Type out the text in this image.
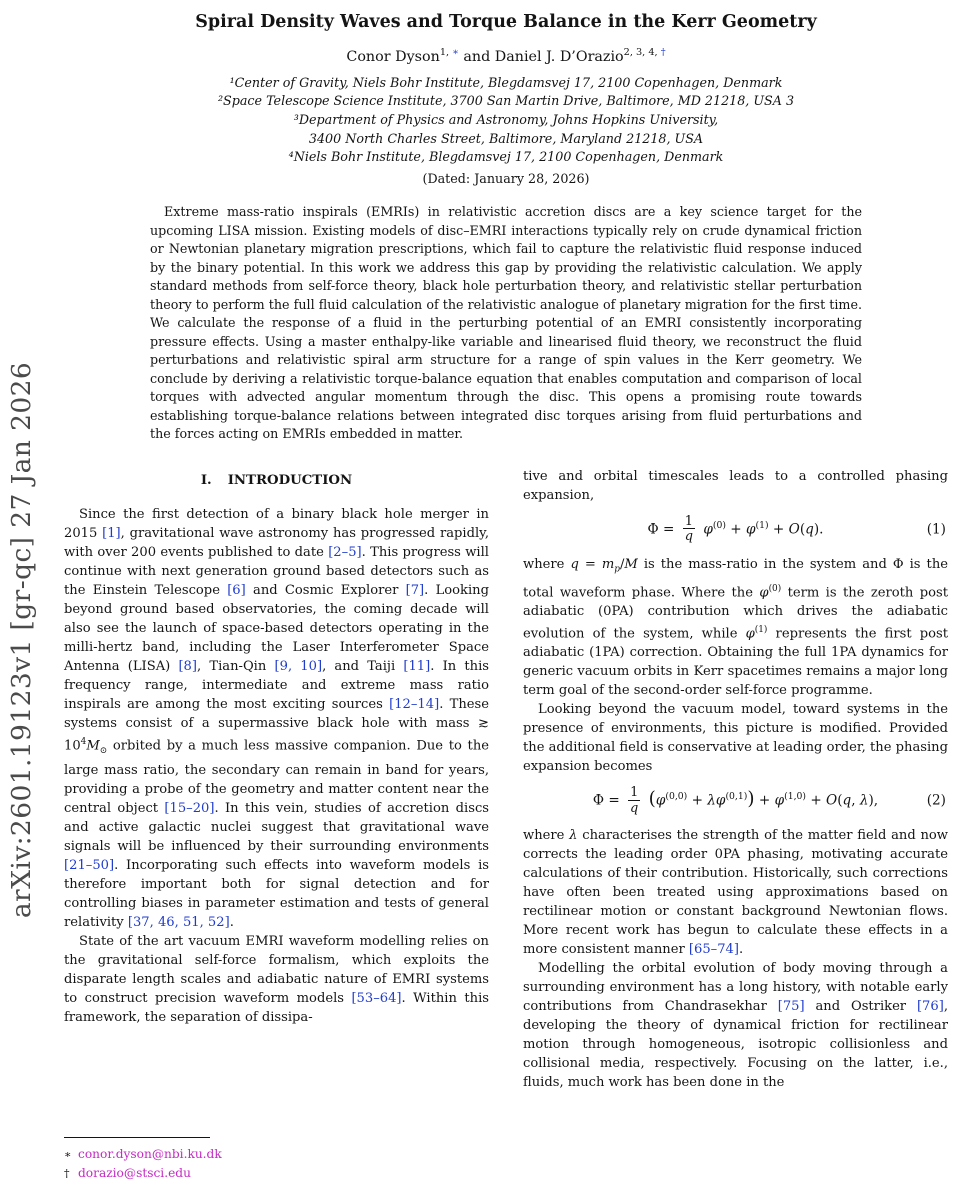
arXiv:2601.19123v1 [gr-qc] 27 Jan 2026
Spiral Density Waves and Torque Balance in the Kerr Geometry
Conor Dyson$^{1, ∗}$ and Daniel J. D’Orazio$^{2, 3, 4, \dagger}$
¹Center of Gravity, Niels Bohr Institute, Blegdamsvej 17, 2100 Copenhagen, Denmark
²Space Telescope Science Institute, 3700 San Martin Drive, Baltimore, MD 21218, USA 3
³Department of Physics and Astronomy, Johns Hopkins University,
3400 North Charles Street, Baltimore, Maryland 21218, USA
⁴Niels Bohr Institute, Blegdamsvej 17, 2100 Copenhagen, Denmark
(Dated: January 28, 2026)
Extreme mass-ratio inspirals (EMRIs) in relativistic accretion discs are a key science target for the upcoming LISA mission. Existing models of disc–EMRI interactions typically rely on crude dynamical friction or Newtonian planetary migration prescriptions, which fail to capture the relativistic fluid response induced by the binary potential. In this work we address this gap by providing the relativistic calculation. We apply standard methods from self-force theory, black hole perturbation theory, and relativistic stellar perturbation theory to perform the full fluid calculation of the relativistic analogue of planetary migration for the first time. We calculate the response of a fluid in the perturbing potential of an EMRI consistently incorporating pressure effects. Using a master enthalpy-like variable and linearised fluid theory, we reconstruct the fluid perturbations and relativistic spiral arm structure for a range of spin values in the Kerr geometry. We conclude by deriving a relativistic torque-balance equation that enables computation and comparison of local torques with advected angular momentum through the disc. This opens a promising route towards establishing torque-balance relations between integrated disc torques arising from fluid perturbations and the forces acting on EMRIs embedded in matter.
I. INTRODUCTION

Since the first detection of a binary black hole merger in 2015 [1], gravitational wave astronomy has progressed rapidly, with over 200 events published to date [2–5]. This progress will continue with next generation ground based detectors such as the Einstein Telescope [6] and Cosmic Explorer [7]. Looking beyond ground based observatories, the coming decade will also see the launch of space-based detectors operating in the milli-hertz band, including the Laser Interferometer Space Antenna (LISA) [8], Tian-Qin [9, 10], and Taiji [11]. In this frequency range, intermediate and extreme mass ratio inspirals are among the most exciting sources [12–14]. These systems consist of a supermassive black hole with mass ≳ $10^4M_⊙$ orbited by a much less massive companion. Due to the large mass ratio, the secondary can remain in band for years, providing a probe of the geometry and matter content near the central object [15–20]. In this vein, studies of accretion discs and active galactic nuclei suggest that gravitational wave signals will be influenced by their surrounding environments [21–50]. Incorporating such effects into waveform models is therefore important both for signal detection and for controlling biases in parameter estimation and tests of general relativity [37, 46, 51, 52].

State of the art vacuum EMRI waveform modelling relies on the gravitational self-force formalism, which exploits the disparate length scales and adiabatic nature of EMRI systems to construct precision waveform models [53–64]. Within this framework, the separation of dissipa-

∗ conor.dyson@nbi.ku.dk

† dorazio@stsci.edu

tive and orbital timescales leads to a controlled phasing expansion,

$\Phi = \frac{1}{q} \varphi^{(0)} + \varphi^{(1)} + O(q)$.	(1)

where $q = m_p/M$ is the mass-ratio in the system and Φ is the total waveform phase. Where the $\varphi^{(0)}$ term is the zeroth post adiabatic (0PA) contribution which drives the adiabatic evolution of the system, while $\varphi^{(1)}$ represents the first post adiabatic (1PA) correction. Obtaining the full 1PA dynamics for generic vacuum orbits in Kerr spacetimes remains a major long term goal of the second-order self-force programme.

Looking beyond the vacuum model, toward systems in the presence of environments, this picture is modified. Provided the additional field is conservative at leading order, the phasing expansion becomes

$\Phi = \frac{1}{q} (\varphi^{(0,0)} + \lambda\varphi^{(0,1)}) + \varphi^{(1,0)} + O(q$, λ),	(2)

where λ characterises the strength of the matter field and now corrects the leading order 0PA phasing, motivating accurate calculations of their contribution. Historically, such corrections have often been treated using approximations based on rectilinear motion or constant background Newtonian flows. More recent work has begun to calculate these effects in a more consistent manner [65–74].

Modelling the orbital evolution of body moving through a surrounding environment has a long history, with notable early contributions from Chandrasekhar [75] and Ostriker [76], developing the theory of dynamical friction for rectilinear motion through homogeneous, isotropic collisionless and collisional media, respectively. Focusing on the latter, i.e., fluids, much work has been done in the
